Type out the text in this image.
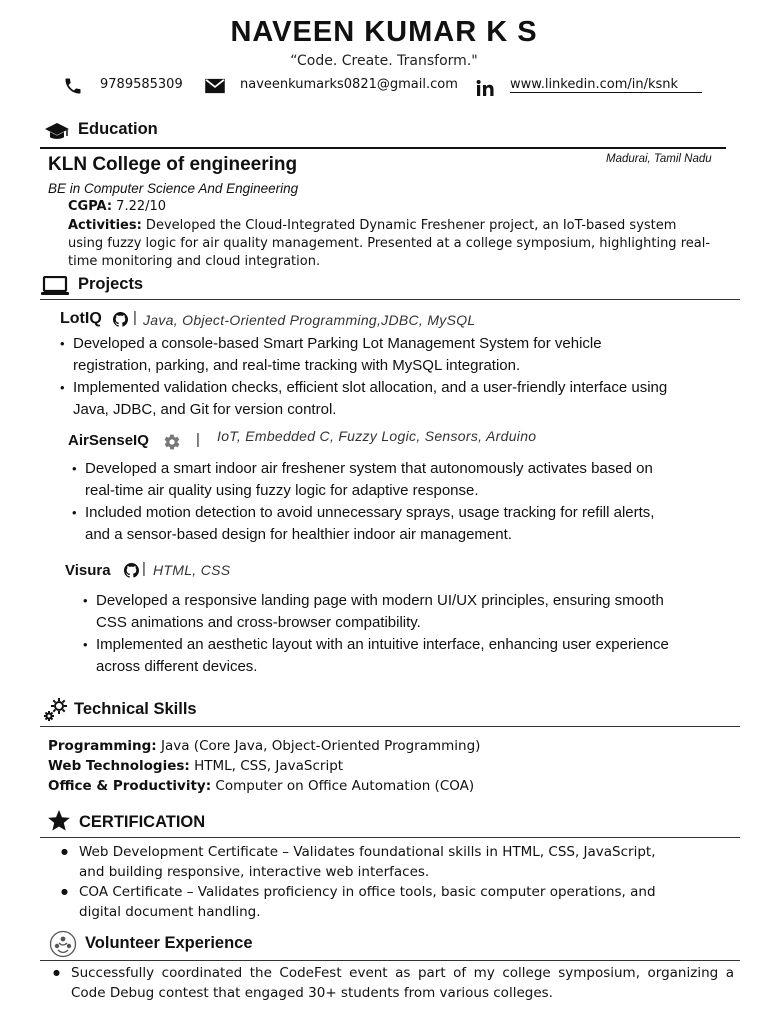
NAVEEN KUMAR K S
“Code. Create. Transform."
9789585309	naveenkumarks0821@gmail.com	www.linkedin.com/in/ksnk
Education
KLN College of engineering	Madurai, Tamil Nadu
BE in Computer Science And Engineering
CGPA: 7.22/10
Activities: Developed the Cloud-Integrated Dynamic Freshener project, an IoT-based system
using fuzzy logic for air quality management. Presented at a college symposium, highlighting real-
time monitoring and cloud integration.
Projects
LotIQ | Java, Object-Oriented Programming,JDBC, MySQL
• Developed a console-based Smart Parking Lot Management System for vehicle
registration, parking, and real-time tracking with MySQL integration.
• Implemented validation checks, efficient slot allocation, and a user-friendly interface using
Java, JDBC, and Git for version control.
AirSenseIQ	| IoT, Embedded C, Fuzzy Logic, Sensors, Arduino
• Developed a smart indoor air freshener system that autonomously activates based on
real-time air quality using fuzzy logic for adaptive response.
• Included motion detection to avoid unnecessary sprays, usage tracking for refill alerts,
and a sensor-based design for healthier indoor air management.
Visura | HTML, CSS
• Developed a responsive landing page with modern UI/UX principles, ensuring smooth
CSS animations and cross-browser compatibility.
• Implemented an aesthetic layout with an intuitive interface, enhancing user experience
across different devices.
Technical Skills
Programming: Java (Core Java, Object-Oriented Programming)
Web Technologies: HTML, CSS, JavaScript
Office & Productivity: Computer on Office Automation (COA)
CERTIFICATION
● Web Development Certificate – Validates foundational skills in HTML, CSS, JavaScript,
and building responsive, interactive web interfaces.
● COA Certificate – Validates proficiency in office tools, basic computer operations, and
digital document handling.
Volunteer Experience
● Successfully coordinated the CodeFest event as part of my college symposium, organizing a Code Debug contest that engaged 30+ students from various colleges.
